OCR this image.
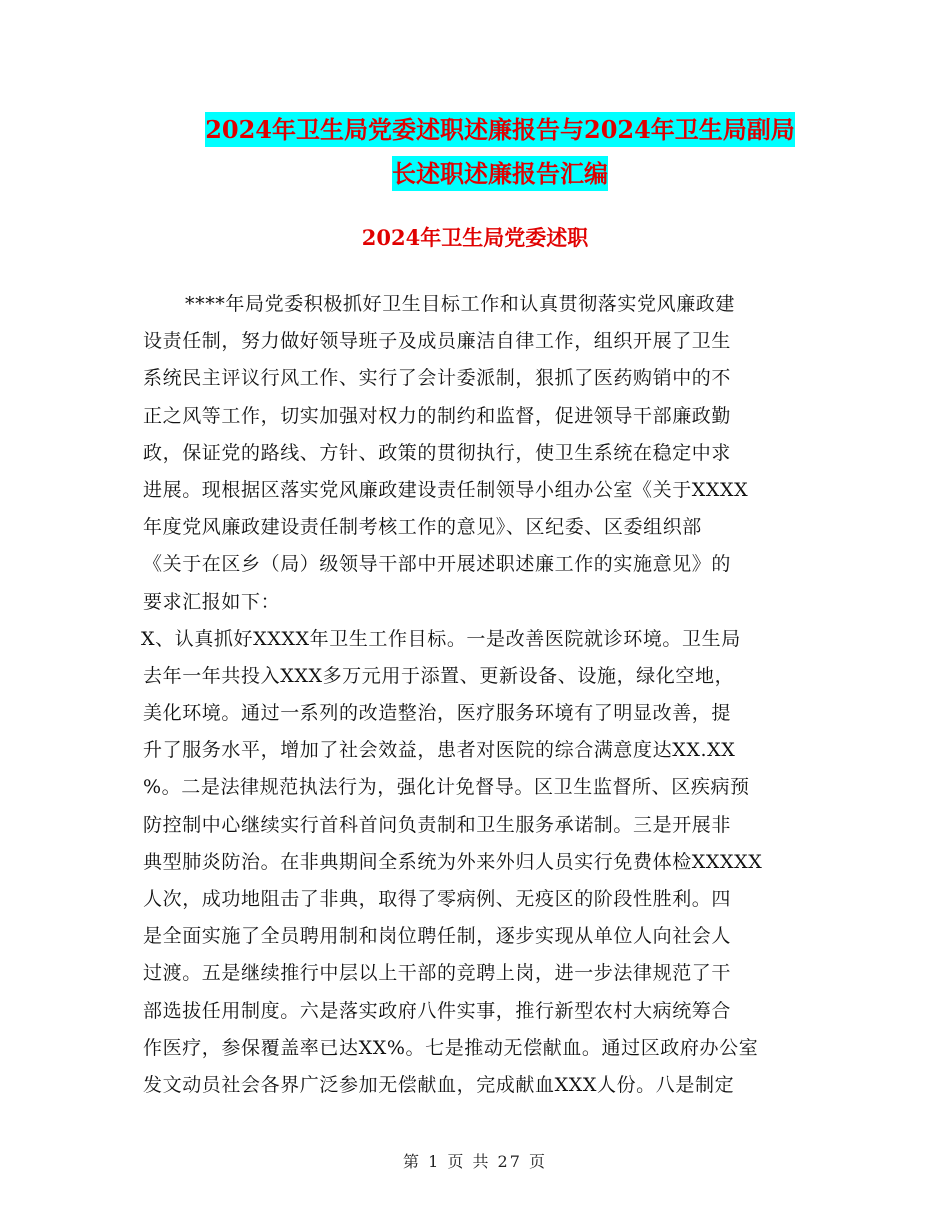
2024年卫生局党委述职述廉报告与2024年卫生局副局
长述职述廉报告汇编
2024年卫生局党委述职
****年局党委积极抓好卫生目标工作和认真贯彻落实党风廉政建
设责任制，努力做好领导班子及成员廉洁自律工作，组织开展了卫生
系统民主评议行风工作、实行了会计委派制，狠抓了医药购销中的不
正之风等工作，切实加强对权力的制约和监督，促进领导干部廉政勤
政，保证党的路线、方针、政策的贯彻执行，使卫生系统在稳定中求
进展。现根据区落实党风廉政建设责任制领导小组办公室《关于XXXX
年度党风廉政建设责任制考核工作的意见》、区纪委、区委组织部
《关于在区乡（局）级领导干部中开展述职述廉工作的实施意见》的
要求汇报如下：
X、认真抓好XXXX年卫生工作目标。一是改善医院就诊环境。卫生局
去年一年共投入XXX多万元用于添置、更新设备、设施，绿化空地，
美化环境。通过一系列的改造整治，医疗服务环境有了明显改善，提
升了服务水平，增加了社会效益，患者对医院的综合满意度达XX.XX
%。二是法律规范执法行为，强化计免督导。区卫生监督所、区疾病预
防控制中心继续实行首科首问负责制和卫生服务承诺制。三是开展非
典型肺炎防治。在非典期间全系统为外来外归人员实行免费体检XXXXX
人次，成功地阻击了非典，取得了零病例、无疫区的阶段性胜利。四
是全面实施了全员聘用制和岗位聘任制，逐步实现从单位人向社会人
过渡。五是继续推行中层以上干部的竞聘上岗，进一步法律规范了干
部选拔任用制度。六是落实政府八件实事，推行新型农村大病统筹合
作医疗，参保覆盖率已达XX%。七是推动无偿献血。通过区政府办公室
发文动员社会各界广泛参加无偿献血，完成献血XXX人份。八是制定
第 1 页 共 27 页
